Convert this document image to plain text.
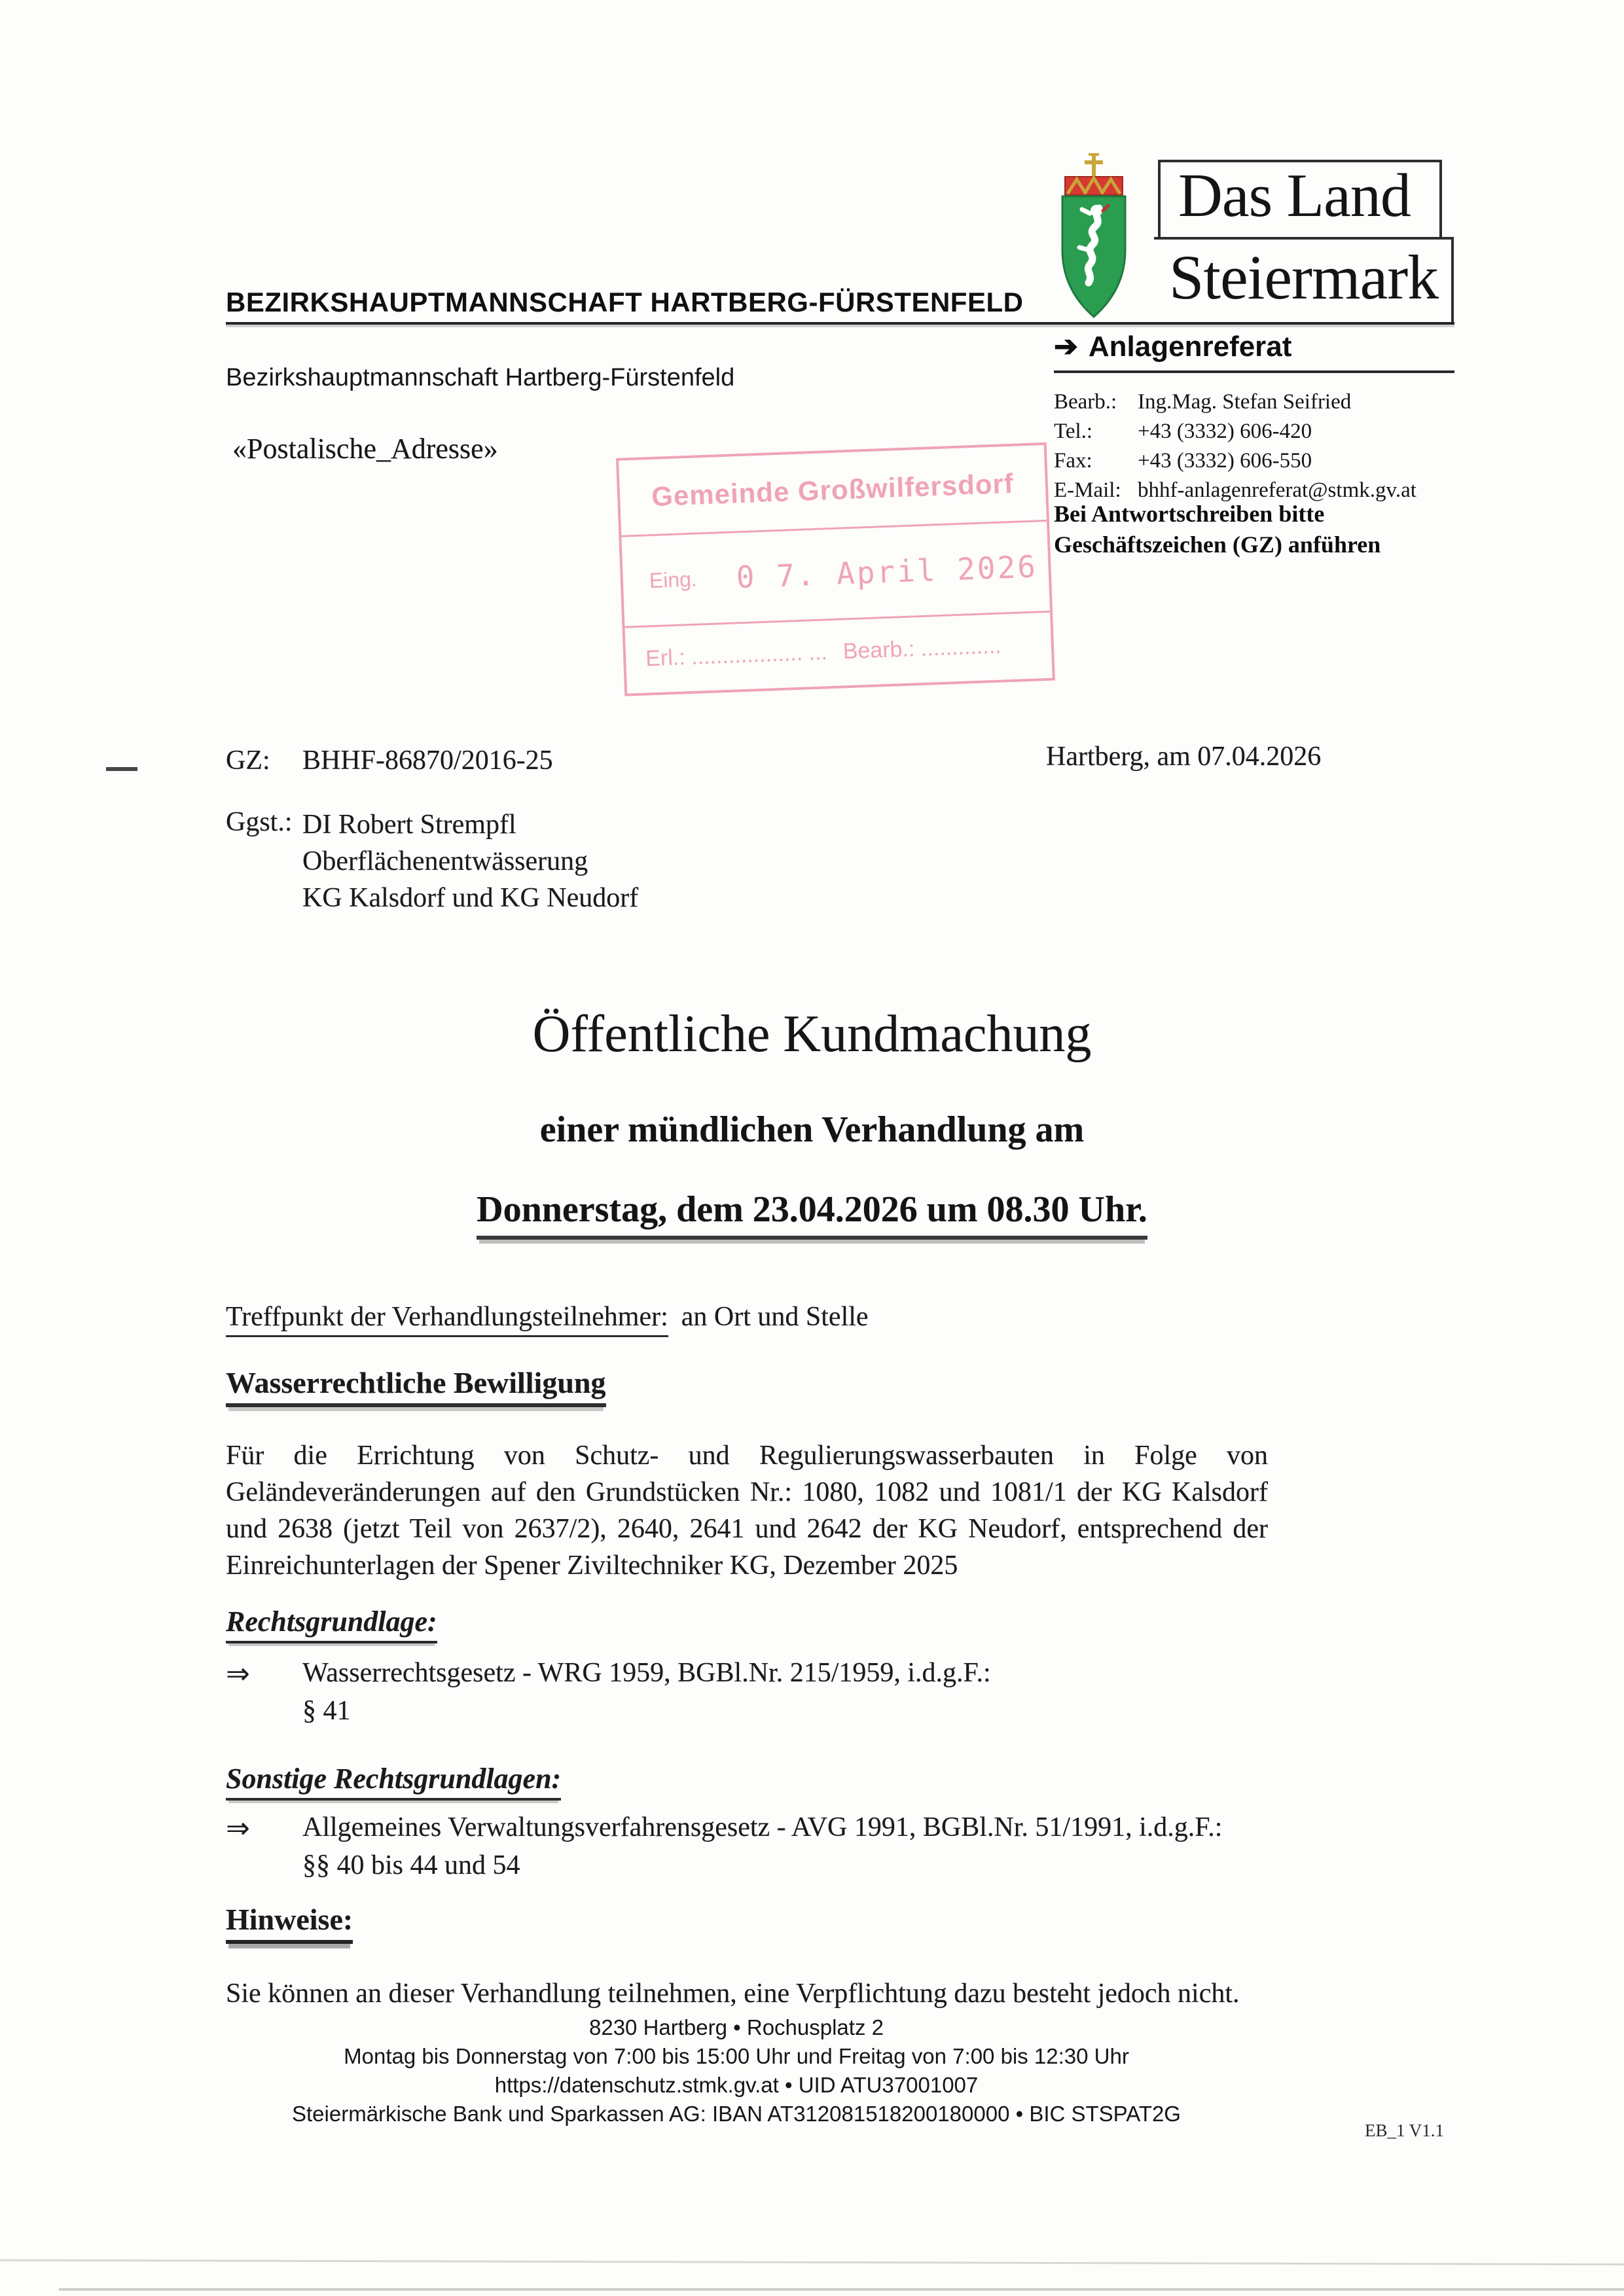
Das Land
Steiermark
BEZIRKSHAUPTMANNSCHAFT HARTBERG-FÜRSTENFELD
Bezirkshauptmannschaft Hartberg-Fürstenfeld
«Postalische_Adresse»
➔ Anlagenreferat
Bearb.: Ing.Mag. Stefan Seifried
Tel.:	+43 (3332) 606-420
Fax:	+43 (3332) 606-550
E-Mail: bhhf-anlagenreferat@stmk.gv.at
Bei Antwortschreiben bitte
Geschäftszeichen (GZ) anführen
Gemeinde Großwilfersdorf
Eing. 0 7. April 2026
Erl.: .................. ... Bearb.: .............
GZ: BHHF-86870/2016-25	Hartberg, am 07.04.2026
Ggst.: DI Robert Strempfl
Oberflächenentwässerung
KG Kalsdorf und KG Neudorf
Öffentliche Kundmachung
einer mündlichen Verhandlung am
Donnerstag, dem 23.04.2026 um 08.30 Uhr.
Treffpunkt der Verhandlungsteilnehmer: an Ort und Stelle
Wasserrechtliche Bewilligung
Für die Errichtung von Schutz- und Regulierungswasserbauten in Folge von Geländeveränderungen auf den Grundstücken Nr.: 1080, 1082 und 1081/1 der KG Kalsdorf und 2638 (jetzt Teil von 2637/2), 2640, 2641 und 2642 der KG Neudorf, entsprechend der Einreichunterlagen der Spener Ziviltechniker KG, Dezember 2025
Rechtsgrundlage:
⇒ Wasserrechtsgesetz - WRG 1959, BGBl.Nr. 215/1959, i.d.g.F.:
§ 41
Sonstige Rechtsgrundlagen:
⇒ Allgemeines Verwaltungsverfahrensgesetz - AVG 1991, BGBl.Nr. 51/1991, i.d.g.F.:
§§ 40 bis 44 und 54
Hinweise:
Sie können an dieser Verhandlung teilnehmen, eine Verpflichtung dazu besteht jedoch nicht.
8230 Hartberg • Rochusplatz 2
Montag bis Donnerstag von 7:00 bis 15:00 Uhr und Freitag von 7:00 bis 12:30 Uhr
https://datenschutz.stmk.gv.at • UID ATU37001007
Steiermärkische Bank und Sparkassen AG: IBAN AT312081518200180000 • BIC STSPAT2G
EB_1 V1.1
